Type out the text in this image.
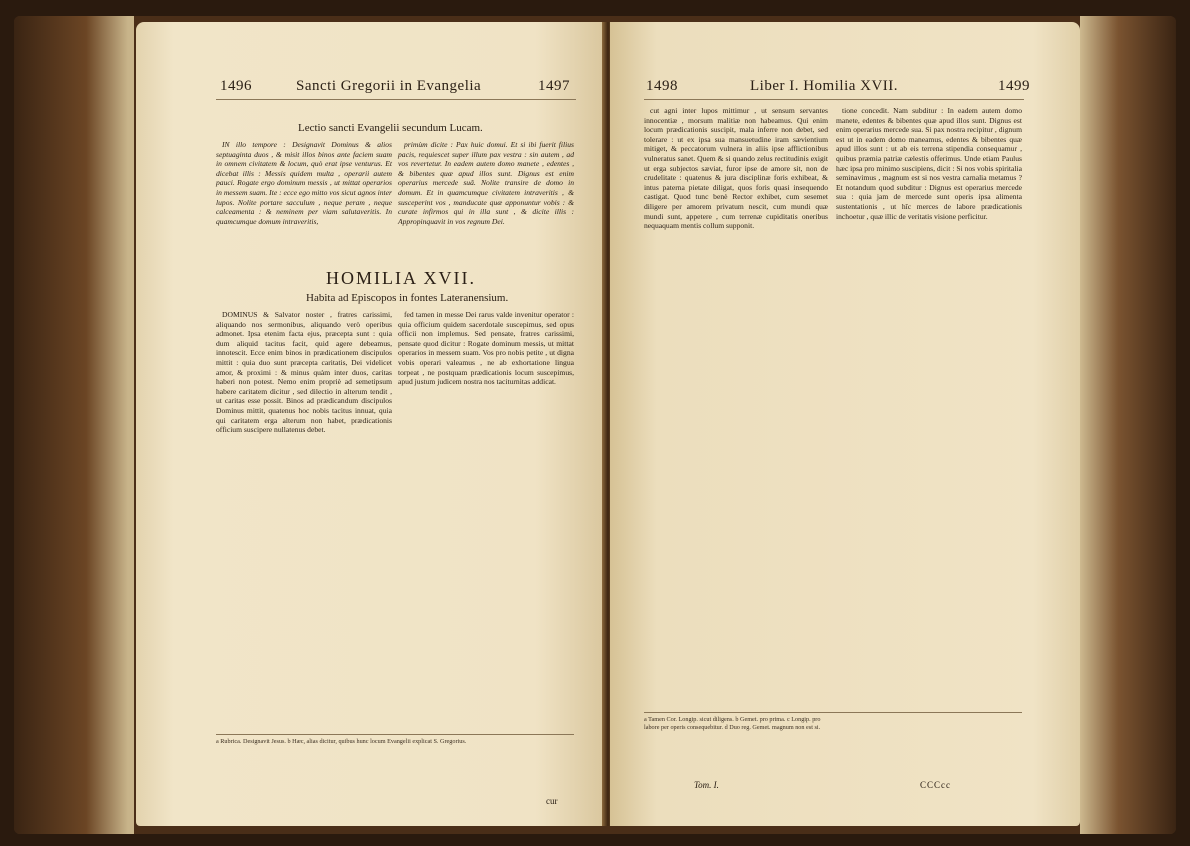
1496	Sancti Gregorii in Evangelia	1497
Lectio sancti Evangelii secundum Lucam.

IN illo tempore : Designavit Dominus & alios septuaginta duos , & misit illos binos ante faciem suam in omnem civitatem & locum, quò erat ipse venturus. Et dicebat illis : Messis quidem multa , operarii autem pauci. Rogate ergo dominum messis , ut mittat operarios in messem suam. Ite : ecce ego mitto vos sicut agnos inter lupos. Nolite portare sacculum , neque peram , neque calceamenta : & neminem per viam salutaveritis. In quamcumque domum intraveritis,

primùm dicite : Pax huic domui. Et si ibi fuerit filius pacis, requiescet super illum pax vestra : sin autem , ad vos revertetur. In eadem autem domo manete , edentes , & bibentes quæ apud illos sunt. Dignus est enim operarius mercede suâ. Nolite transire de domo in domum. Et in quamcumque civitatem intraveritis , & susceperint vos , manducate quæ apponuntur vobis : & curate infirmos qui in illa sunt , & dicite illis : Appropinquavit in vos regnum Dei.

HOMILIA XVII.
Habita ad Episcopos in fontes Lateranensium.

DOMINUS & Salvator noster , fratres carissimi, aliquando nos sermonibus, aliquando verò operibus admonet. Ipsa etenim facta ejus, præcepta sunt : quia dum aliquid tacitus facit, quid agere debeamus, innotescit. Ecce enim binos in prædicationem discipulos mittit : quia duo sunt præcepta caritatis, Dei videlicet amor, & proximi : & minus quàm inter duos, caritas haberi non potest. Nemo enim propriè ad semetipsum habere caritatem dicitur , sed dilectio in alterum tendit , ut caritas esse possit. Binos ad prædicandum discipulos Dominus mittit, quatenus hoc nobis tacitus innuat, quia qui caritatem erga alterum non habet, prædicationis officium suscipere nullatenus debet.

fed tamen in messe Dei rarus valde invenitur operator : quia officium quidem sacerdotale suscepimus, sed opus officii non implemus. Sed pensate, fratres carissimi, pensate quod dicitur : Rogate dominum messis, ut mittat operarios in messem suam. Vos pro nobis petite , ut digna vobis operari valeamus , ne ab exhortatione lingua torpeat , ne postquam prædicationis locum suscepimus, apud justum judicem nostra nos taciturnitas addicat.

a Rubrica. Designavit Jesus. b Hæc, alias dicitur, quibus hunc locum Evangelii explicat S. Gregorius.
cur
1498	Liber I. Homilia XVII.	1499

cut agni inter lupos mittimur , ut sensum servantes innocentiæ , morsum malitiæ non habeamus. Qui enim locum prædicationis suscipit, mala inferre non debet, sed tolerare : ut ex ipsa sua mansuetudine iram sævientium mitiget, & peccatorum vulnera in aliis ipse afflictionibus vulneratus sanet. Quem & si quando zelus rectitudinis exigit ut erga subjectos sæviat, furor ipse de amore sit, non de crudelitate : quatenus & jura disciplinæ foris exhibeat, & intus paterna pietate diligat, quos foris quasi insequendo castigat. Quod tunc benè Rector exhibet, cum sesemet diligere per amorem privatum nescit, cum mundi quæ mundi sunt, appetere , cum terrenæ cupiditatis oneribus nequaquam mentis collum supponit.

tione concedit. Nam subditur : In eadem autem domo manete, edentes & bibentes quæ apud illos sunt. Dignus est enim operarius mercede sua. Si pax nostra recipitur , dignum est ut in eadem domo maneamus, edentes & bibentes quæ apud illos sunt : ut ab eis terrena stipendia consequamur , quibus præmia patriæ cælestis offerimus. Unde etiam Paulus hæc ipsa pro minimo suscipiens, dicit : Si nos vobis spiritalia seminavimus , magnum est si nos vestra carnalia metamus ? Et notandum quod subditur : Dignus est operarius mercede sua : quia jam de mercede sunt operis ipsa alimenta sustentationis , ut hîc merces de labore prædicationis inchoetur , quæ illic de veritatis visione perficitur.

a Tamen Cor. Longip. sicut diligens. b Gemet. pro prima. c Longip. pro labore per operis consequebitur. d Duo reg. Gemet. magnum non est si.
Tom. I.	CCCcc
